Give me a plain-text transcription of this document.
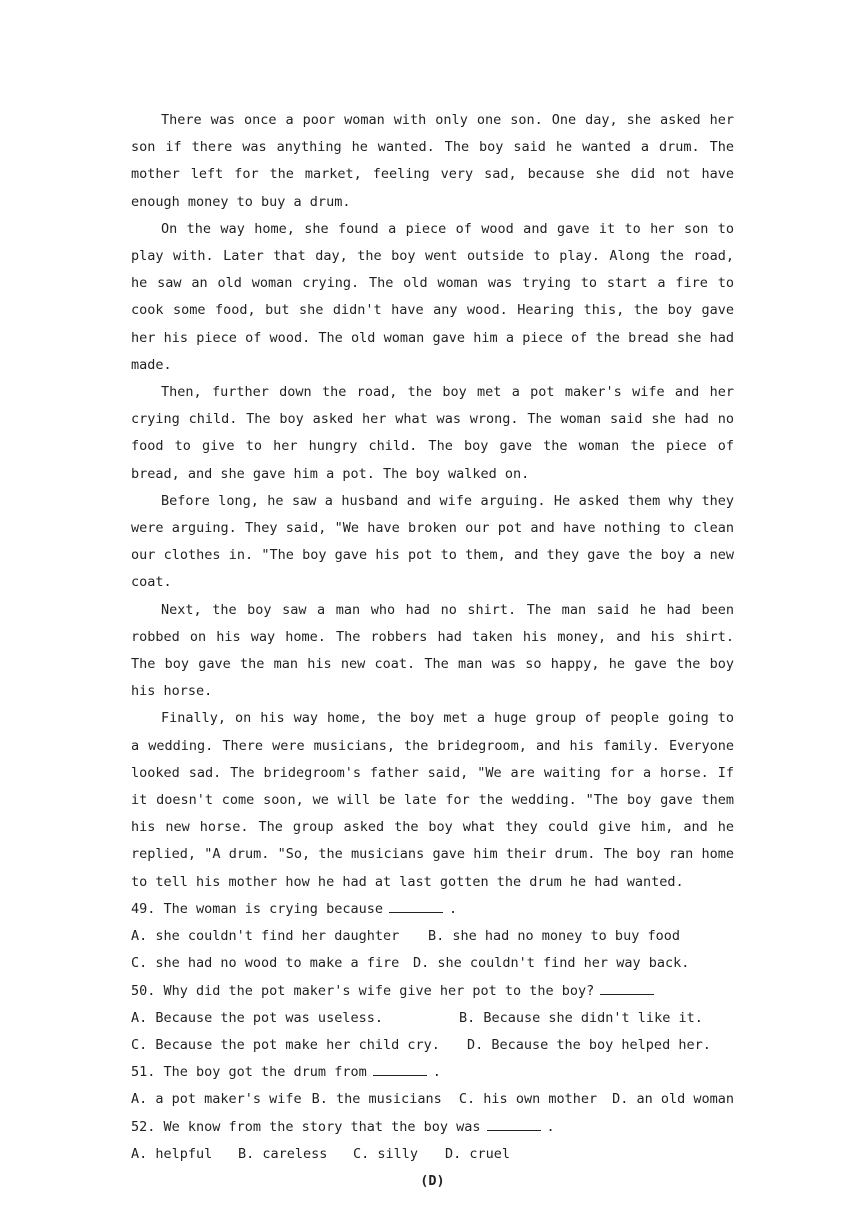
There was once a poor woman with only one son. One day, she asked her son if there was anything he wanted. The boy said he wanted a drum. The mother left for the market, feeling very sad, because she did not have enough money to buy a drum.

On the way home, she found a piece of wood and gave it to her son to play with. Later that day, the boy went outside to play. Along the road, he saw an old woman crying. The old woman was trying to start a fire to cook some food, but she didn't have any wood. Hearing this, the boy gave her his piece of wood. The old woman gave him a piece of the bread she had made.

Then, further down the road, the boy met a pot maker's wife and her crying child. The boy asked her what was wrong. The woman said she had no food to give to her hungry child. The boy gave the woman the piece of bread, and she gave him a pot. The boy walked on.

Before long, he saw a husband and wife arguing. He asked them why they were arguing. They said, "We have broken our pot and have nothing to clean our clothes in. "The boy gave his pot to them, and they gave the boy a new coat.

Next, the boy saw a man who had no shirt. The man said he had been robbed on his way home. The robbers had taken his money, and his shirt. The boy gave the man his new coat. The man was so happy, he gave the boy his horse.

Finally, on his way home, the boy met a huge group of people going to a wedding. There were musicians, the bridegroom, and his family. Everyone looked sad. The bridegroom's father said, "We are waiting for a horse. If it doesn't come soon, we will be late for the wedding. "The boy gave them his new horse. The group asked the boy what they could give him, and he replied, "A drum. "So, the musicians gave him their drum. The boy ran home to tell his mother how he had at last gotten the drum he had wanted.

49. The woman is crying because	.

A. she couldn't find her daughter	B. she had no money to buy food
C. she had no wood to make a fire	D. she couldn't find her way back.

50. Why did the pot maker's wife give her pot to the boy?

A. Because the pot was useless.	B. Because she didn't like it.
C. Because the pot make her child cry.	D. Because the boy helped her.

51. The boy got the drum from	.

A. a pot maker's wife B. the musicians	C. his own mother	D. an old woman

52. We know from the story that the boy was	.

A. helpful	B. careless	C. silly	D. cruel

(D)
